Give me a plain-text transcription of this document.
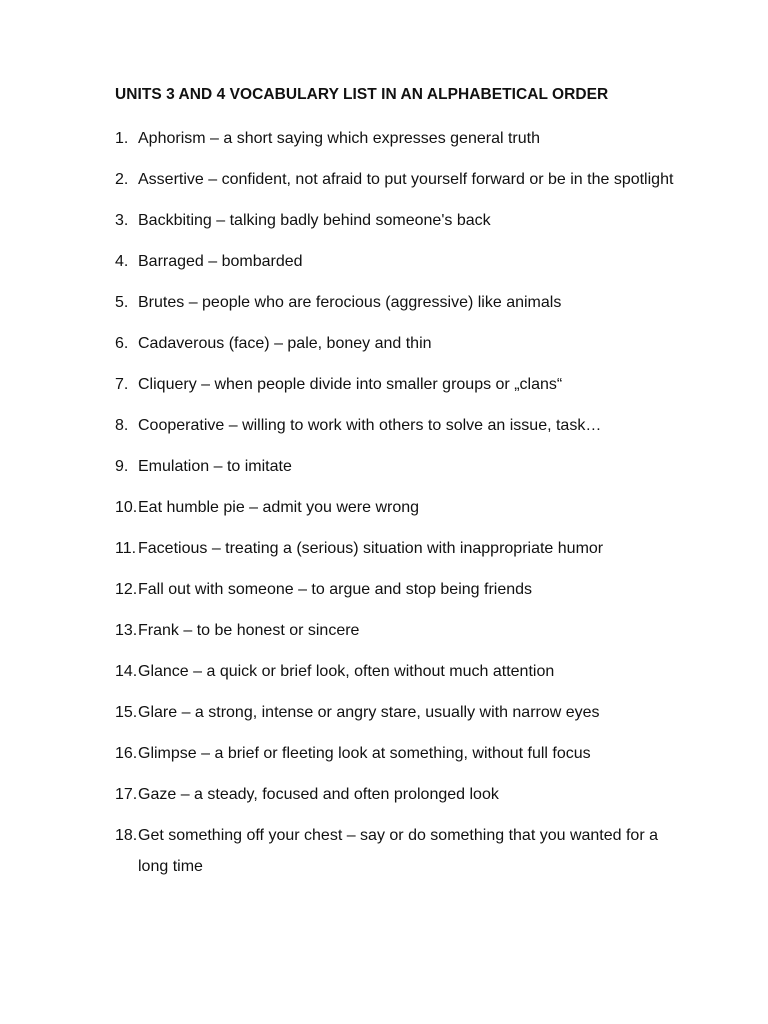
UNITS 3 AND 4 VOCABULARY LIST IN AN ALPHABETICAL ORDER
1. Aphorism – a short saying which expresses general truth
2. Assertive – confident, not afraid to put yourself forward or be in the spotlight
3. Backbiting – talking badly behind someone's back
4. Barraged – bombarded
5. Brutes – people who are ferocious (aggressive) like animals
6. Cadaverous (face) – pale, boney and thin
7. Cliquery – when people divide into smaller groups or „clans“
8. Cooperative – willing to work with others to solve an issue, task…
9. Emulation – to imitate
10. Eat humble pie – admit you were wrong
11. Facetious – treating a (serious) situation with inappropriate humor
12. Fall out with someone – to argue and stop being friends
13. Frank – to be honest or sincere
14. Glance – a quick or brief look, often without much attention
15. Glare – a strong, intense or angry stare, usually with narrow eyes
16. Glimpse – a brief or fleeting look at something, without full focus
17. Gaze – a steady, focused and often prolonged look
18. Get something off your chest – say or do something that you wanted for a long time
